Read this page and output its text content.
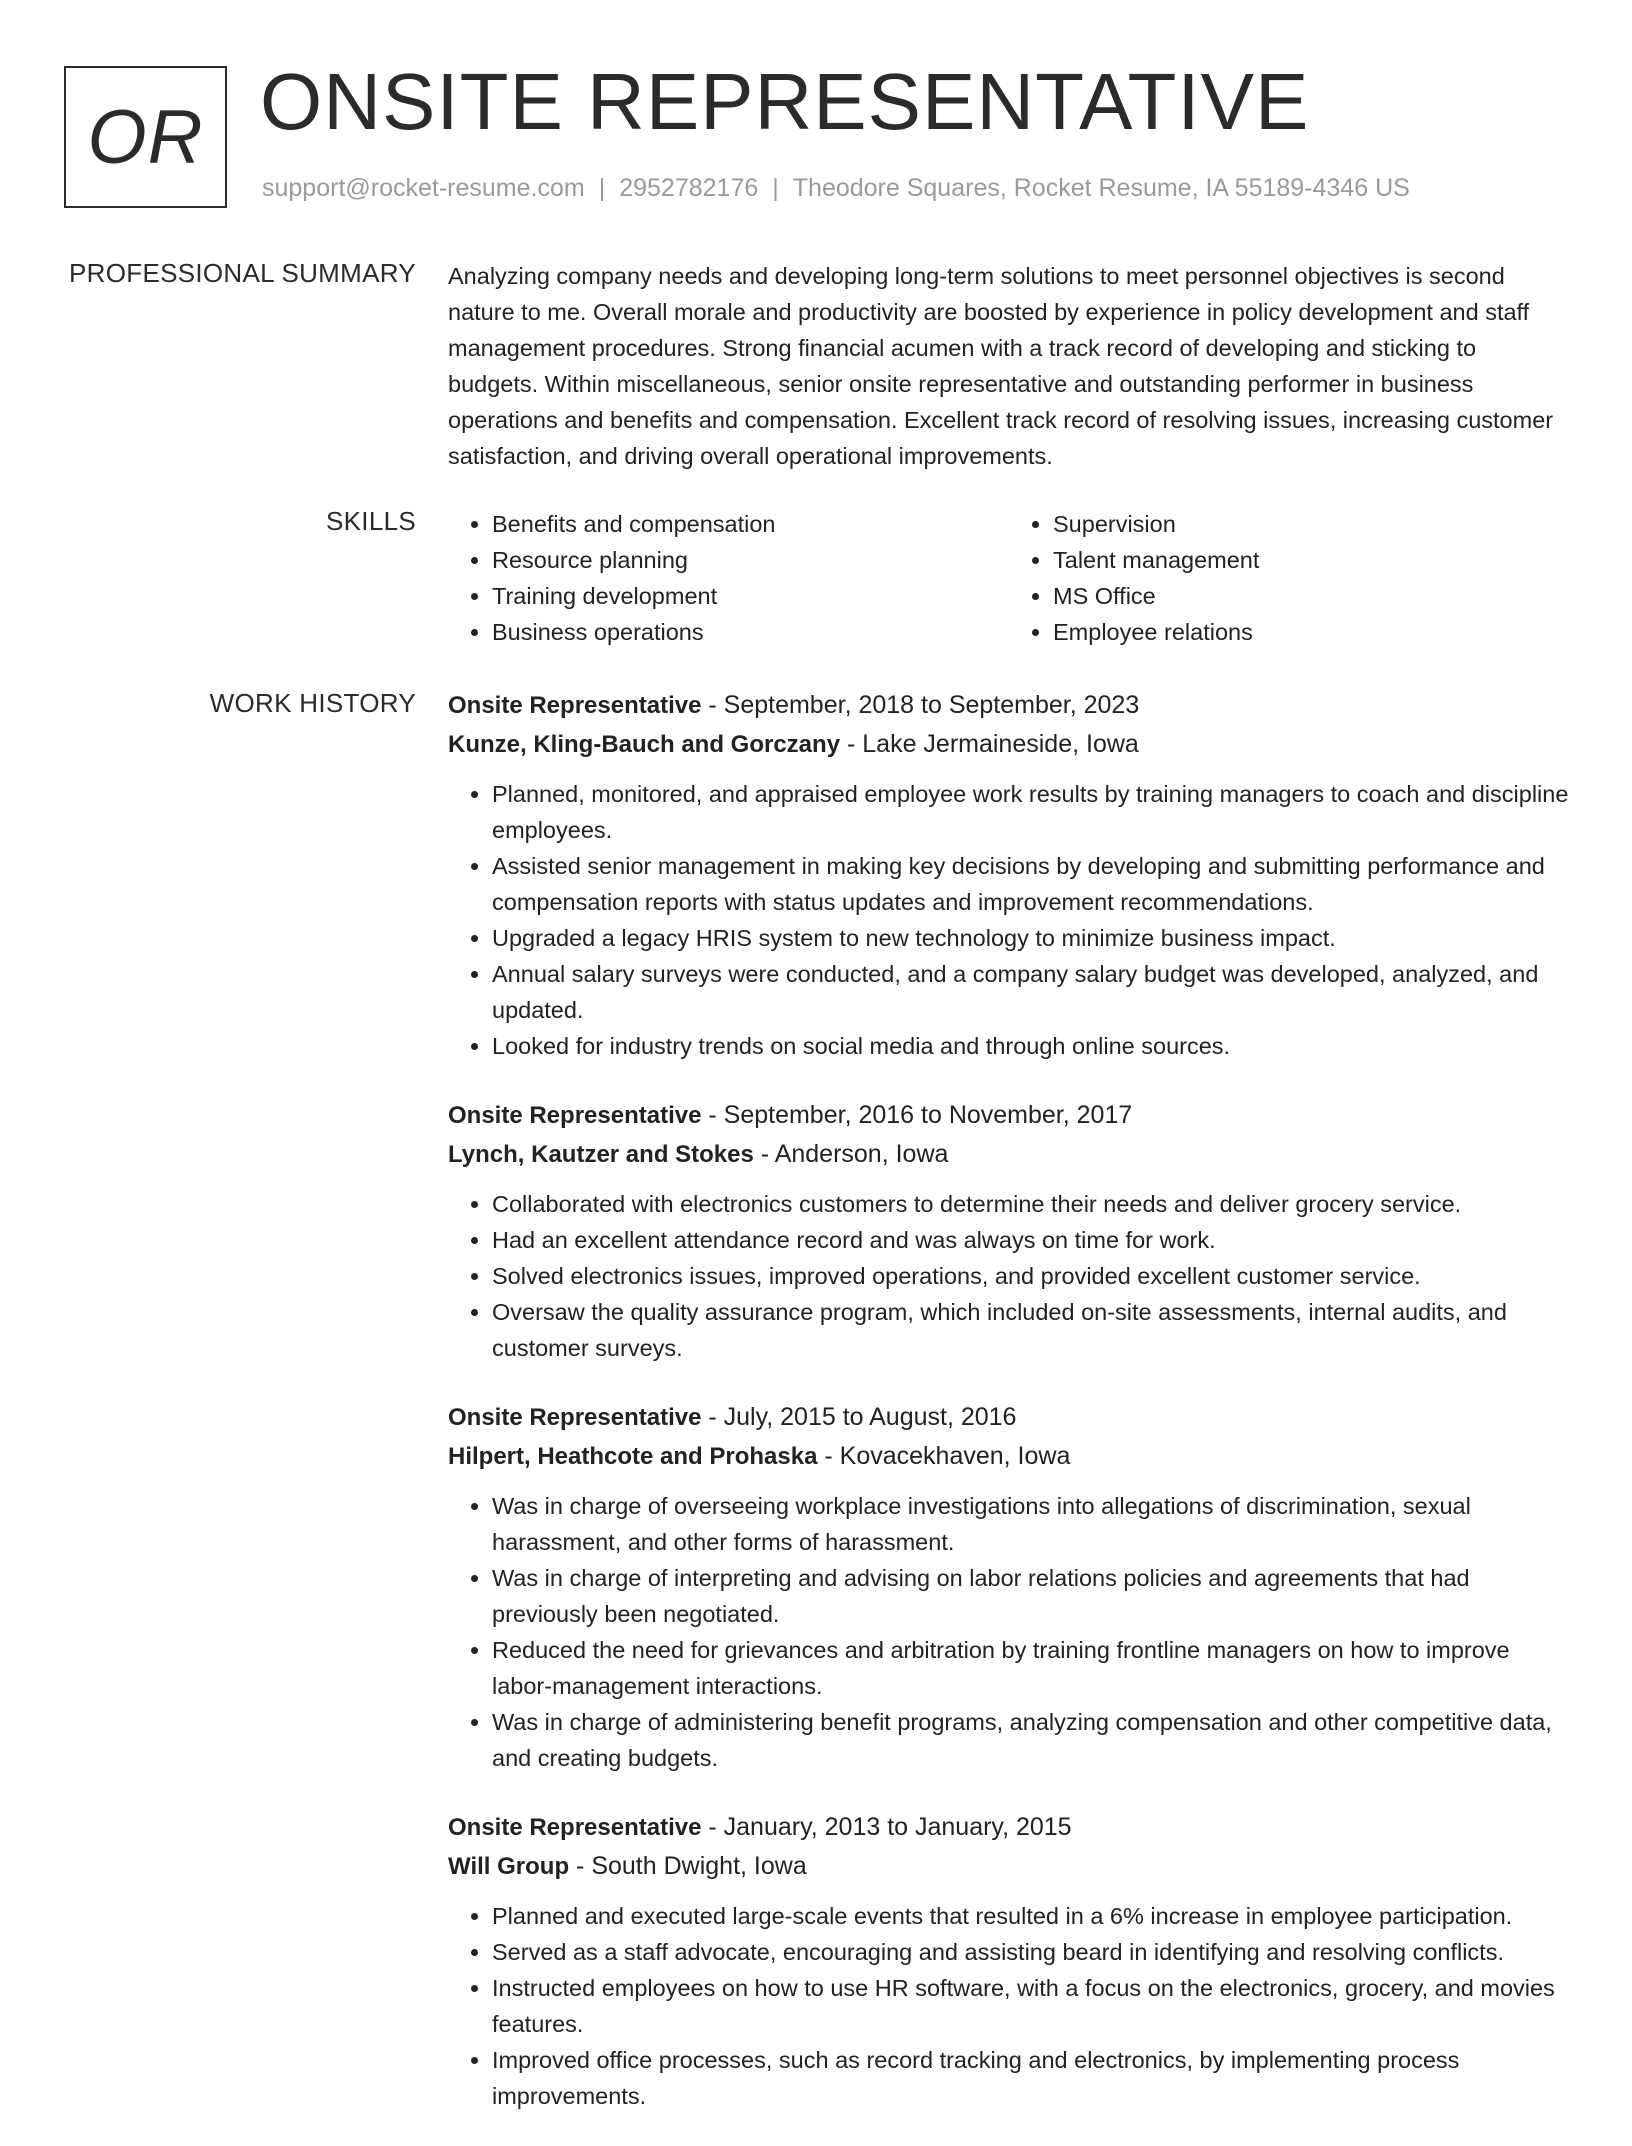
OR ONSITE REPRESENTATIVE
support@rocket-resume.com | 2952782176 | Theodore Squares, Rocket Resume, IA 55189-4346 US
PROFESSIONAL SUMMARY Analyzing company needs and developing long-term solutions to meet personnel objectives is second nature to me. Overall morale and productivity are boosted by experience in policy development and staff management procedures. Strong financial acumen with a track record of developing and sticking to budgets. Within miscellaneous, senior onsite representative and outstanding performer in business operations and benefits and compensation. Excellent track record of resolving issues, increasing customer satisfaction, and driving overall operational improvements.

SKILLS
•	Benefits and compensation
• Resource planning
• Training development
• Business operations
• Supervision
• Talent management
• MS Office
• Employee relations
WORK HISTORY Onsite Representative - September, 2018 to September, 2023
Kunze, Kling-Bauch and Gorczany - Lake Jermaineside, Iowa
• Planned, monitored, and appraised employee work results by training managers to coach and discipline employees.
• Assisted senior management in making key decisions by developing and submitting performance and compensation reports with status updates and improvement recommendations.
• Upgraded a legacy HRIS system to new technology to minimize business impact.
• Annual salary surveys were conducted, and a company salary budget was developed, analyzed, and updated.
• Looked for industry trends on social media and through online sources.
Onsite Representative - September, 2016 to November, 2017
Lynch, Kautzer and Stokes - Anderson, Iowa
• Collaborated with electronics customers to determine their needs and deliver grocery service.
• Had an excellent attendance record and was always on time for work.
• Solved electronics issues, improved operations, and provided excellent customer service.
• Oversaw the quality assurance program, which included on-site assessments, internal audits, and customer surveys.
Onsite Representative - July, 2015 to August, 2016
Hilpert, Heathcote and Prohaska - Kovacekhaven, Iowa
• Was in charge of overseeing workplace investigations into allegations of discrimination, sexual harassment, and other forms of harassment.
• Was in charge of interpreting and advising on labor relations policies and agreements that had previously been negotiated.
• Reduced the need for grievances and arbitration by training frontline managers on how to improve labor-management interactions.
• Was in charge of administering benefit programs, analyzing compensation and other competitive data, and creating budgets.
Onsite Representative - January, 2013 to January, 2015
Will Group - South Dwight, Iowa
• Planned and executed large-scale events that resulted in a 6% increase in employee participation.
• Served as a staff advocate, encouraging and assisting beard in identifying and resolving conflicts.
• Instructed employees on how to use HR software, with a focus on the electronics, grocery, and movies features.
• Improved office processes, such as record tracking and electronics, by implementing process improvements.
